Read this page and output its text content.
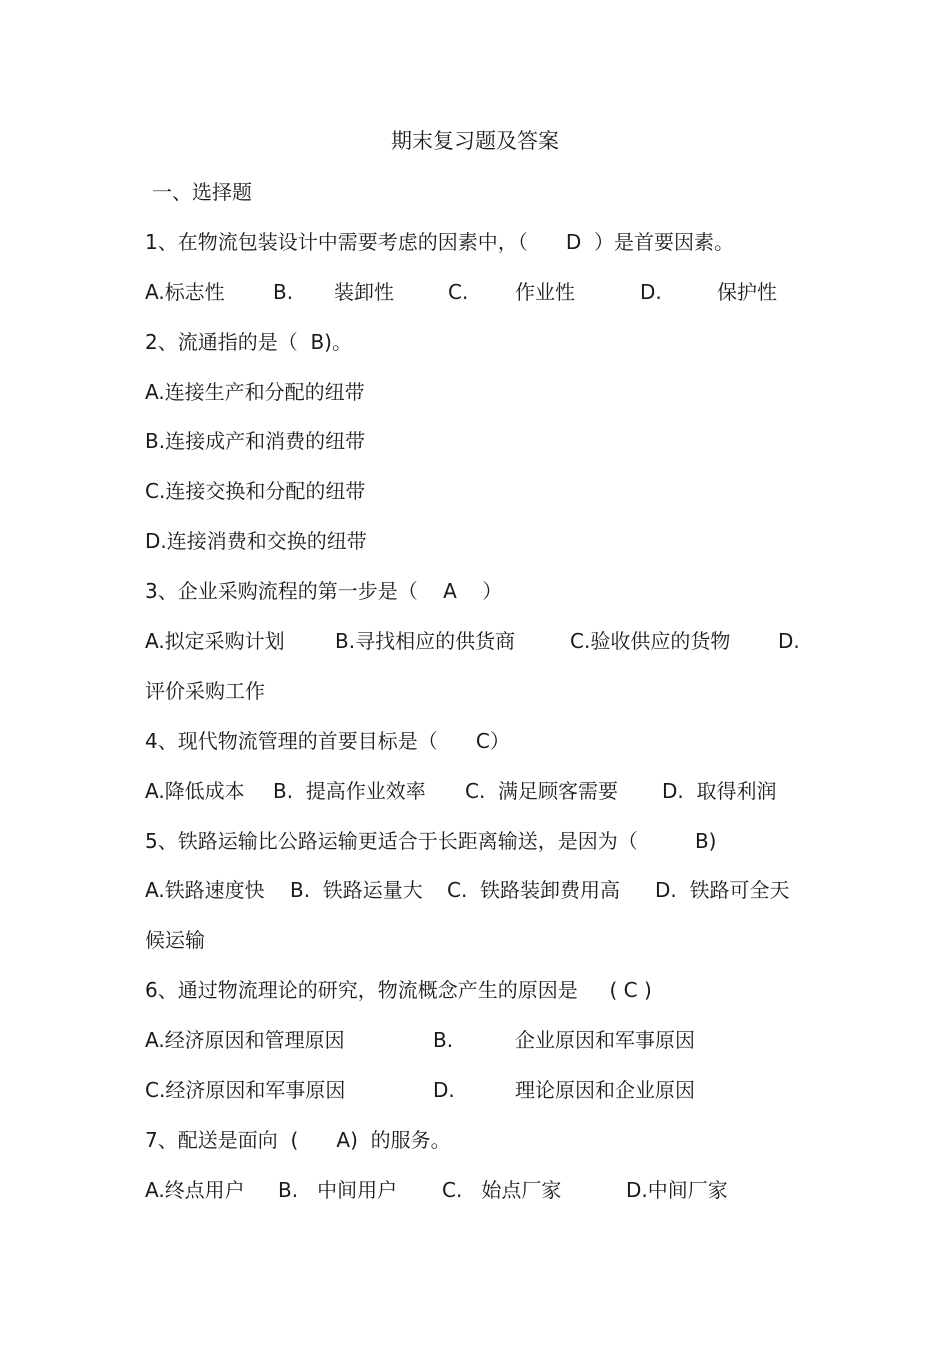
期末复习题及答案
一、选择题
1、在物流包装设计中需要考虑的因素中，（      D  ）是首要因素。
A.标志性 B. 装卸性	C. 作业性	D.	保护性
2、流通指的是（  B)。
A.连接生产和分配的纽带
B.连接成产和消费的纽带
C.连接交换和分配的纽带
D.连接消费和交换的纽带
3、企业采购流程的第一步是（    A    ）
A.拟定采购计划	B.寻找相应的供货商	C.验收供应的货物 D.
评价采购工作
4、现代物流管理的首要目标是（      C）
A.降低成本 B.  提高作业效率 C.  满足顾客需要 D.  取得利润
5、铁路运输比公路运输更适合于长距离输送，是因为（         B)
A.铁路速度快 B.  铁路运量大 C.  铁路装卸费用高 D.  铁路可全天
候运输
6、通过物流理论的研究，物流概念产生的原因是     ( C )
A.经济原因和管理原因	B.	企业原因和军事原因
C.经济原因和军事原因	D.	理论原因和企业原因
7、配送是面向  (      A)  的服务。
A.终点用户 B.   中间用户 C.   始点厂家	D.中间厂家
